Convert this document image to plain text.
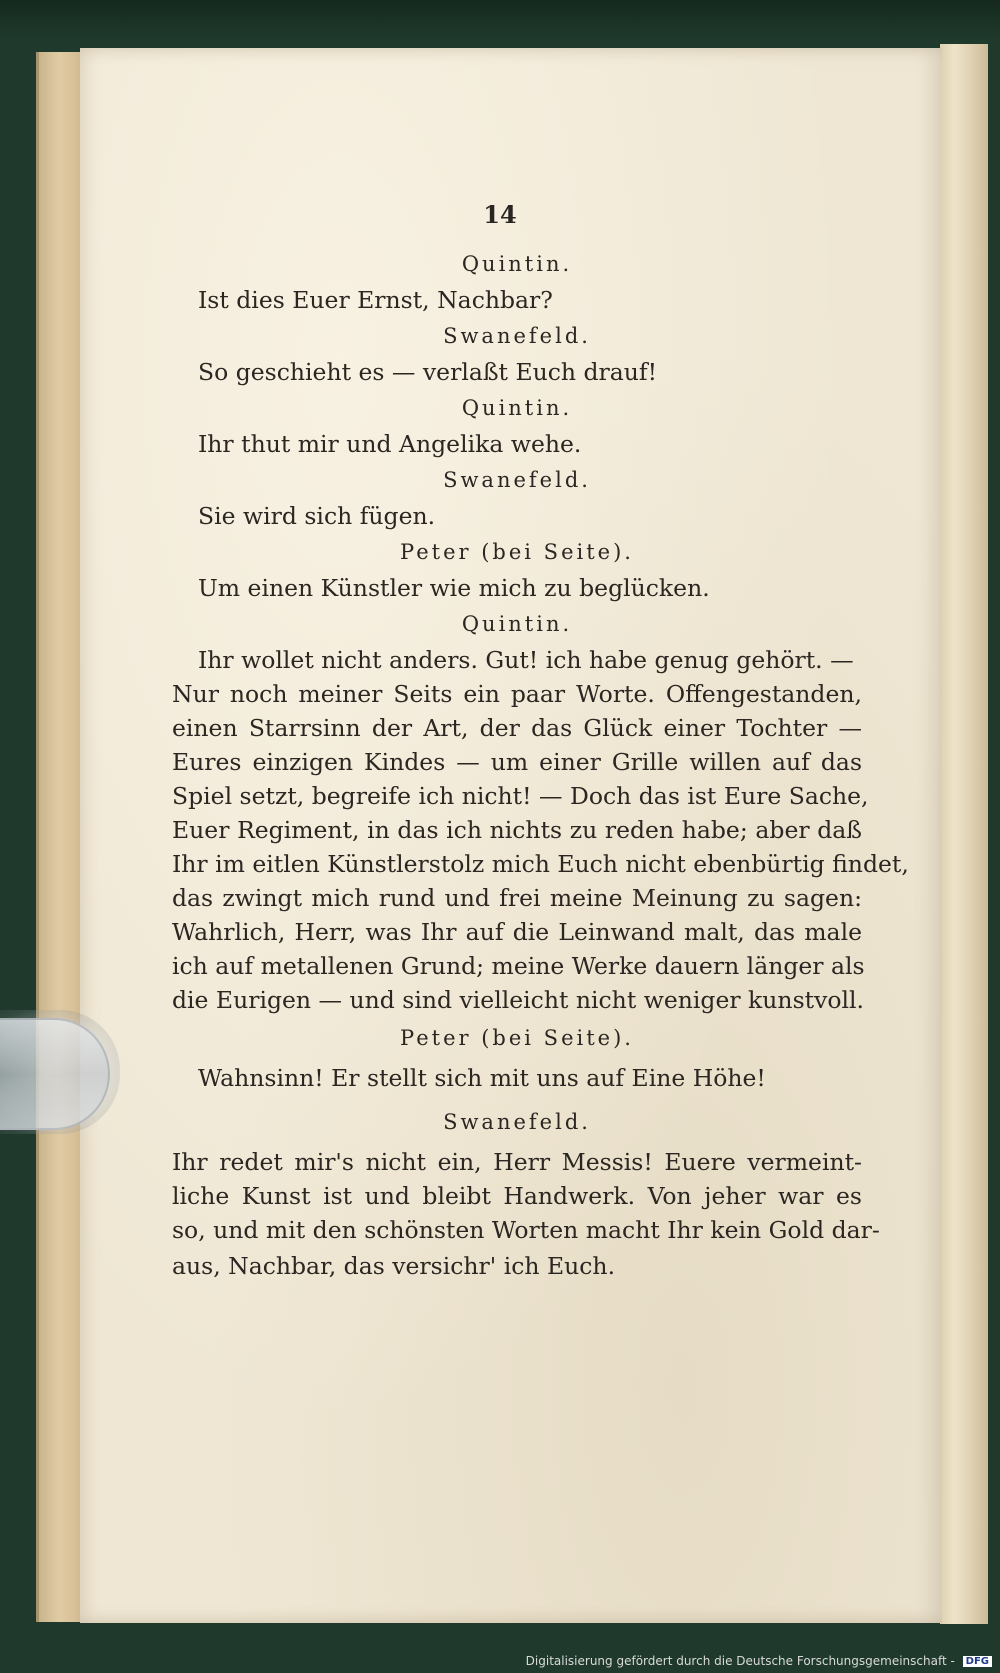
14
Quintin.
Ist dies Euer Ernst, Nachbar?
Swanefeld.
So geschieht es — verlaßt Euch drauf!
Quintin.
Ihr thut mir und Angelika wehe.
Swanefeld.
Sie wird sich fügen.
Peter (bei Seite).
Um einen Künstler wie mich zu beglücken.
Quintin.
Ihr wollet nicht anders. Gut! ich habe genug gehört. —
Nur noch meiner Seits ein paar Worte. Offengestanden,
einen Starrsinn der Art, der das Glück einer Tochter —
Eures einzigen Kindes — um einer Grille willen auf das
Spiel setzt, begreife ich nicht! — Doch das ist Eure Sache,
Euer Regiment, in das ich nichts zu reden habe; aber daß
Ihr im eitlen Künstlerstolz mich Euch nicht ebenbürtig findet,
das zwingt mich rund und frei meine Meinung zu sagen:
Wahrlich, Herr, was Ihr auf die Leinwand malt, das male
ich auf metallenen Grund; meine Werke dauern länger als
die Eurigen — und sind vielleicht nicht weniger kunstvoll.
Peter (bei Seite).
Wahnsinn! Er stellt sich mit uns auf Eine Höhe!
Swanefeld.
Ihr redet mir's nicht ein, Herr Messis! Euere vermeint-
liche Kunst ist und bleibt Handwerk. Von jeher war es
so, und mit den schönsten Worten macht Ihr kein Gold dar-
aus, Nachbar, das versichr' ich Euch.
Digitalisierung gefördert durch die Deutsche Forschungsgemeinschaft - DFG
